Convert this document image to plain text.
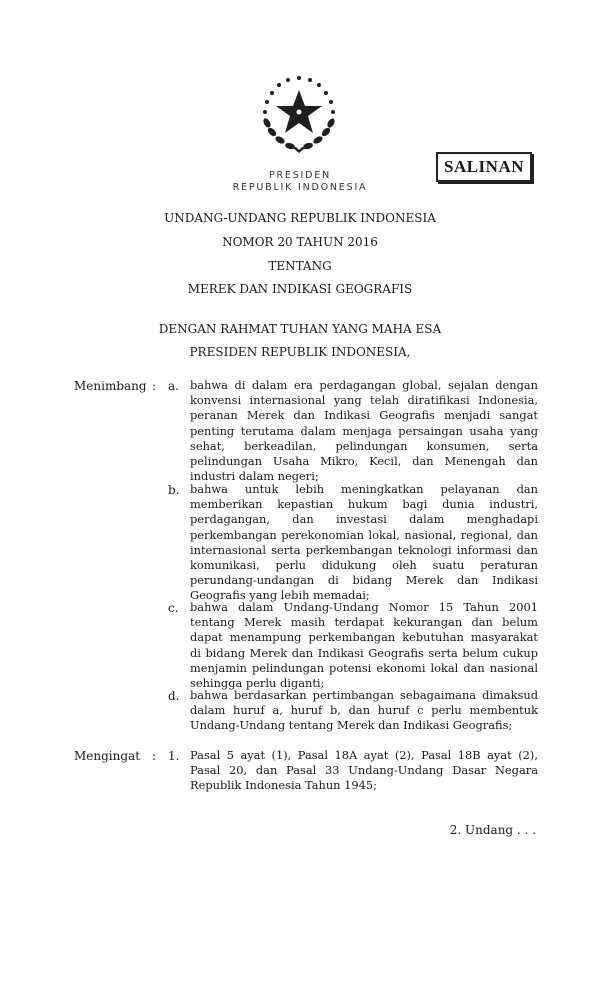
PRESIDEN
REPUBLIK INDONESIA
SALINAN
UNDANG-UNDANG REPUBLIK INDONESIA
NOMOR 20 TAHUN 2016
TENTANG
MEREK DAN INDIKASI GEOGRAFIS
DENGAN RAHMAT TUHAN YANG MAHA ESA
PRESIDEN REPUBLIK INDONESIA,
Menimbang : a. bahwa di dalam era perdagangan global, sejalan dengan konvensi internasional yang telah diratifikasi Indonesia, peranan Merek dan Indikasi Geografis menjadi sangat penting terutama dalam menjaga persaingan usaha yang sehat, berkeadilan, pelindungan konsumen, serta pelindungan Usaha Mikro, Kecil, dan Menengah dan industri dalam negeri;
b. bahwa untuk lebih meningkatkan pelayanan dan memberikan kepastian hukum bagi dunia industri, perdagangan, dan investasi dalam menghadapi perkembangan perekonomian lokal, nasional, regional, dan internasional serta perkembangan teknologi informasi dan komunikasi, perlu didukung oleh suatu peraturan perundang-undangan di bidang Merek dan Indikasi Geografis yang lebih memadai;
c. bahwa dalam Undang-Undang Nomor 15 Tahun 2001 tentang Merek masih terdapat kekurangan dan belum dapat menampung perkembangan kebutuhan masyarakat di bidang Merek dan Indikasi Geografis serta belum cukup menjamin pelindungan potensi ekonomi lokal dan nasional sehingga perlu diganti;
d. bahwa berdasarkan pertimbangan sebagaimana dimaksud dalam huruf a, huruf b, dan huruf c perlu membentuk Undang-Undang tentang Merek dan Indikasi Geografis;
Mengingat : 1. Pasal 5 ayat (1), Pasal 18A ayat (2), Pasal 18B ayat (2), Pasal 20, dan Pasal 33 Undang-Undang Dasar Negara Republik Indonesia Tahun 1945;
2. Undang . . .
